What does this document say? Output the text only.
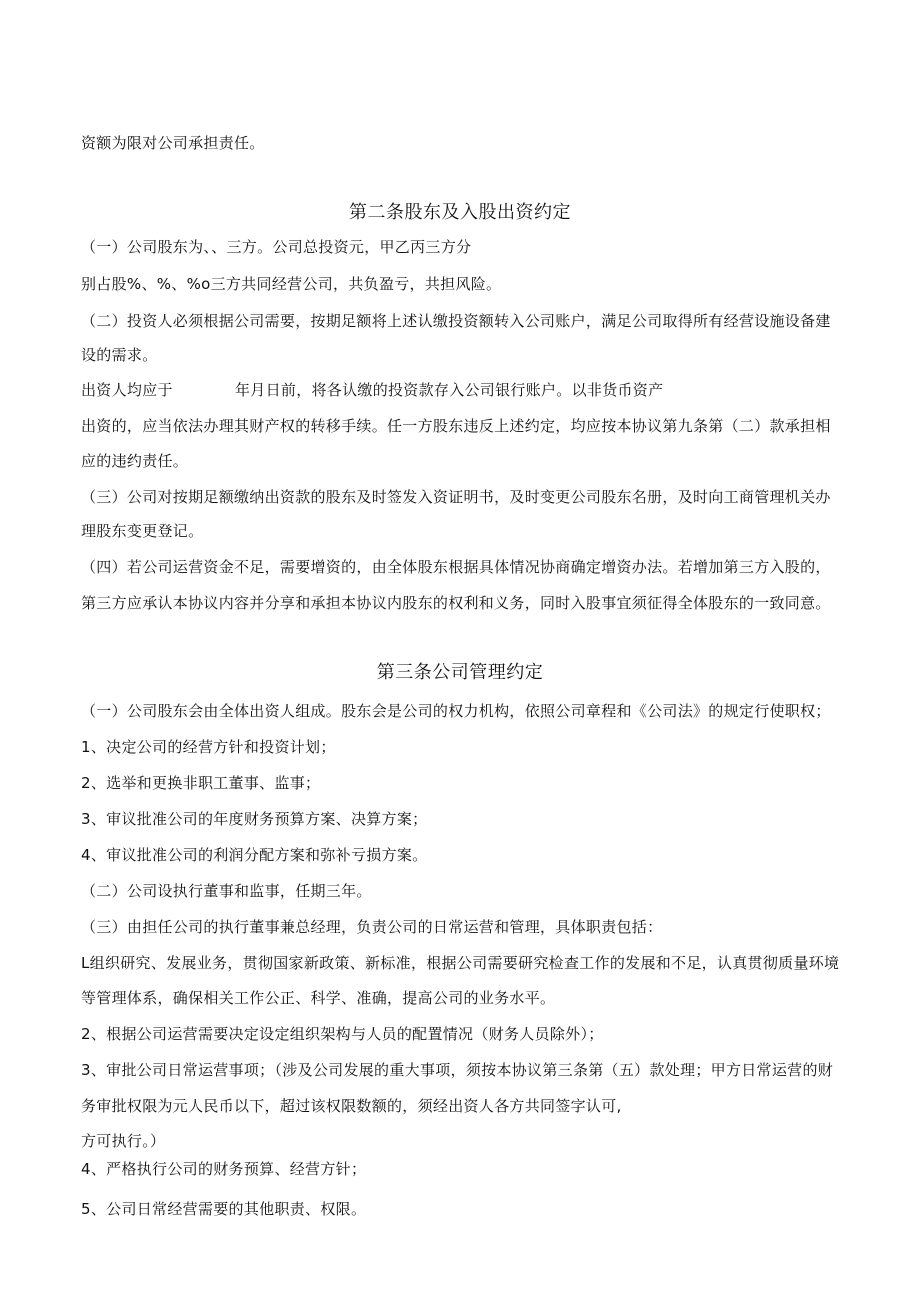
资额为限对公司承担责任。
第二条股东及入股出资约定
（一）公司股东为、、三方。公司总投资元，甲乙丙三方分
别占股%、%、%o三方共同经营公司，共负盈亏，共担风险。
（二）投资人必须根据公司需要，按期足额将上述认缴投资额转入公司账户，满足公司取得所有经营设施设备建
设的需求。
出资人均应于	年月日前，将各认缴的投资款存入公司银行账户。以非货币资产
出资的，应当依法办理其财产权的转移手续。任一方股东违反上述约定，均应按本协议第九条第（二）款承担相
应的违约责任。
（三）公司对按期足额缴纳出资款的股东及时签发入资证明书，及时变更公司股东名册，及时向工商管理机关办
理股东变更登记。
（四）若公司运营资金不足，需要增资的，由全体股东根据具体情况协商确定增资办法。若增加第三方入股的，
第三方应承认本协议内容并分享和承担本协议内股东的权利和义务，同时入股事宜须征得全体股东的一致同意。
第三条公司管理约定
（一）公司股东会由全体出资人组成。股东会是公司的权力机构，依照公司章程和《公司法》的规定行使职权；
1、决定公司的经营方针和投资计划；
2、选举和更换非职工董事、监事；
3、审议批准公司的年度财务预算方案、决算方案；
4、审议批准公司的利润分配方案和弥补亏损方案。
（二）公司设执行董事和监事，任期三年。
（三）由担任公司的执行董事兼总经理，负责公司的日常运营和管理，具体职责包括：
L组织研究、发展业务，贯彻国家新政策、新标准，根据公司需要研究检查工作的发展和不足，认真贯彻质量环境
等管理体系，确保相关工作公正、科学、准确，提高公司的业务水平。
2、根据公司运营需要决定设定组织架构与人员的配置情况（财务人员除外）；
3、审批公司日常运营事项；（涉及公司发展的重大事项，须按本协议第三条第（五）款处理；甲方日常运营的财
务审批权限为元人民币以下，超过该权限数额的，须经出资人各方共同签字认可,
方可执行。）
4、严格执行公司的财务预算、经营方针；
5、公司日常经营需要的其他职责、权限。
